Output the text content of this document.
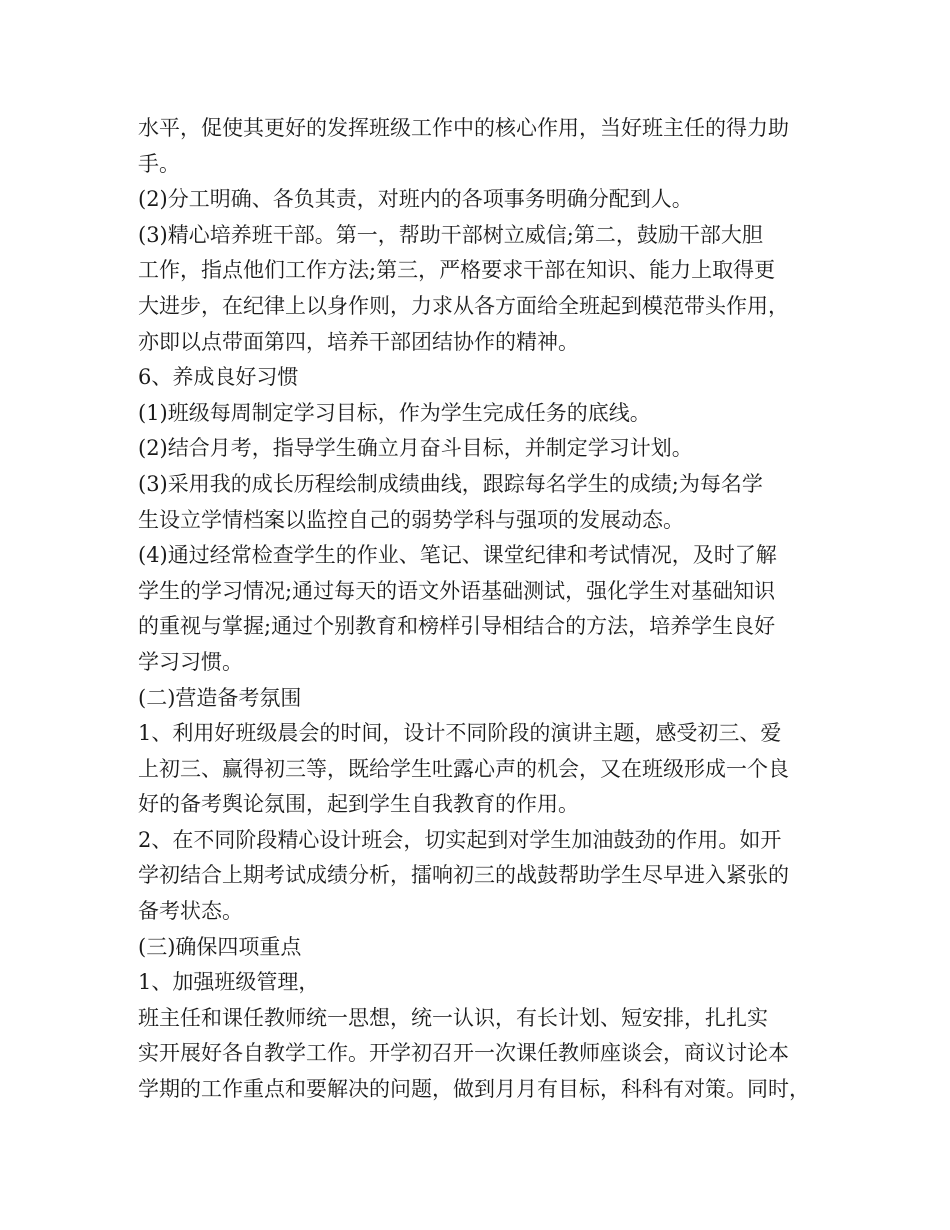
水平，促使其更好的发挥班级工作中的核心作用，当好班主任的得力助
手。
(2)分工明确、各负其责，对班内的各项事务明确分配到人。
(3)精心培养班干部。第一，帮助干部树立威信;第二，鼓励干部大胆
工作，指点他们工作方法;第三，严格要求干部在知识、能力上取得更
大进步，在纪律上以身作则，力求从各方面给全班起到模范带头作用，
亦即以点带面第四，培养干部团结协作的精神。
6、养成良好习惯
(1)班级每周制定学习目标，作为学生完成任务的底线。
(2)结合月考，指导学生确立月奋斗目标，并制定学习计划。
(3)采用我的成长历程绘制成绩曲线，跟踪每名学生的成绩;为每名学
生设立学情档案以监控自己的弱势学科与强项的发展动态。
(4)通过经常检查学生的作业、笔记、课堂纪律和考试情况，及时了解
学生的学习情况;通过每天的语文外语基础测试，强化学生对基础知识
的重视与掌握;通过个别教育和榜样引导相结合的方法，培养学生良好
学习习惯。
(二)营造备考氛围
1、利用好班级晨会的时间，设计不同阶段的演讲主题，感受初三、爱
上初三、赢得初三等，既给学生吐露心声的机会，又在班级形成一个良
好的备考舆论氛围，起到学生自我教育的作用。
2、在不同阶段精心设计班会，切实起到对学生加油鼓劲的作用。如开
学初结合上期考试成绩分析，擂响初三的战鼓帮助学生尽早进入紧张的
备考状态。
(三)确保四项重点
1、加强班级管理，
班主任和课任教师统一思想，统一认识，有长计划、短安排，扎扎实
实开展好各自教学工作。开学初召开一次课任教师座谈会，商议讨论本
学期的工作重点和要解决的问题，做到月月有目标，科科有对策。同时，
